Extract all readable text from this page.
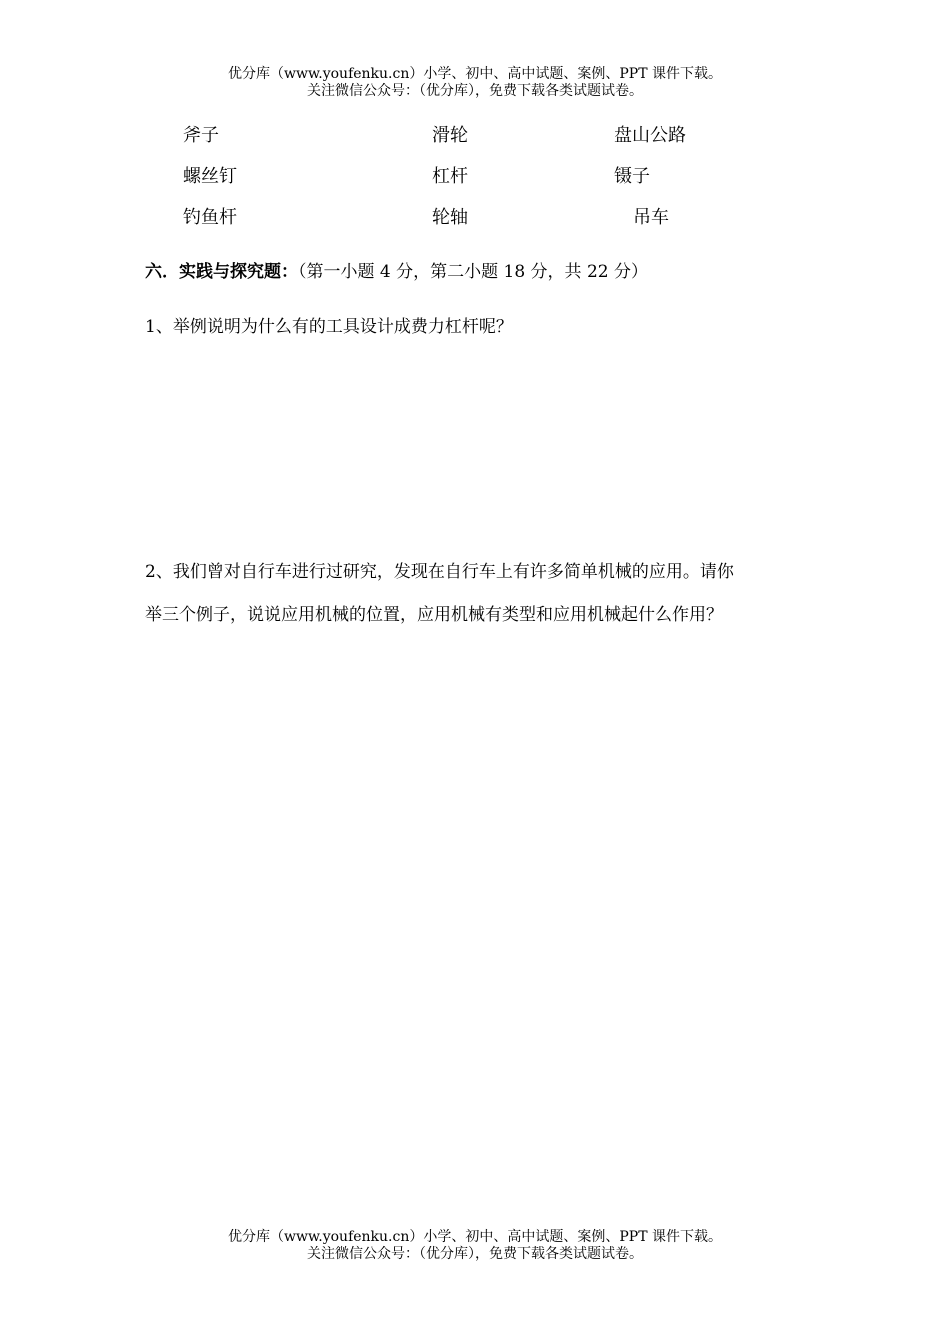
优分库（www.youfenku.cn）小学、初中、高中试题、案例、PPT 课件下载。
关注微信公众号：（优分库），免费下载各类试题试卷。
斧子	滑轮	盘山公路
螺丝钉	杠杆	镊子
钓鱼杆	轮轴	吊车
六．实践与探究题：（第一小题 4 分，第二小题 18 分，共 22 分）
1、举例说明为什么有的工具设计成费力杠杆呢？
2、我们曾对自行车进行过研究，发现在自行车上有许多简单机械的应用。请你
举三个例子，说说应用机械的位置，应用机械有类型和应用机械起什么作用？
优分库（www.youfenku.cn）小学、初中、高中试题、案例、PPT 课件下载。
关注微信公众号：（优分库），免费下载各类试题试卷。
